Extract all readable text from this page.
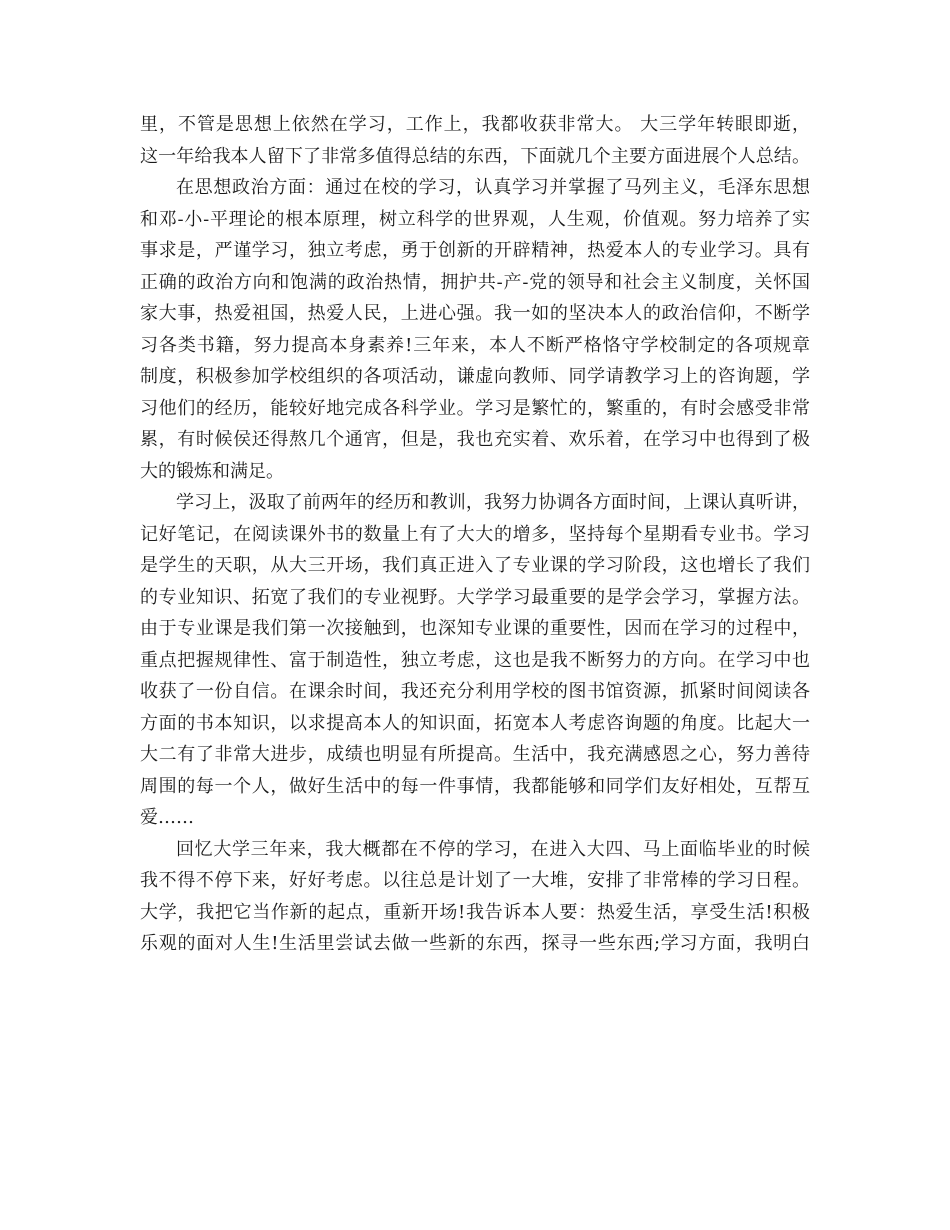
里，不管是思想上依然在学习，工作上，我都收获非常大。 大三学年转眼即逝，
这一年给我本人留下了非常多值得总结的东西，下面就几个主要方面进展个人总结。
在思想政治方面：通过在校的学习，认真学习并掌握了马列主义，毛泽东思想
和邓-小-平理论的根本原理，树立科学的世界观，人生观，价值观。努力培养了实
事求是，严谨学习，独立考虑，勇于创新的开辟精神，热爱本人的专业学习。具有
正确的政治方向和饱满的政治热情，拥护共-产-党的领导和社会主义制度，关怀国
家大事，热爱祖国，热爱人民，上进心强。我一如的坚决本人的政治信仰，不断学
习各类书籍，努力提高本身素养!三年来，本人不断严格恪守学校制定的各项规章
制度，积极参加学校组织的各项活动，谦虚向教师、同学请教学习上的咨询题，学
习他们的经历，能较好地完成各科学业。学习是繁忙的，繁重的，有时会感受非常
累，有时候侯还得熬几个通宵，但是，我也充实着、欢乐着，在学习中也得到了极
大的锻炼和满足。
学习上，汲取了前两年的经历和教训，我努力协调各方面时间，上课认真听讲，
记好笔记，在阅读课外书的数量上有了大大的增多，坚持每个星期看专业书。学习
是学生的天职，从大三开场，我们真正进入了专业课的学习阶段，这也增长了我们
的专业知识、拓宽了我们的专业视野。大学学习最重要的是学会学习，掌握方法。
由于专业课是我们第一次接触到，也深知专业课的重要性，因而在学习的过程中，
重点把握规律性、富于制造性，独立考虑，这也是我不断努力的方向。在学习中也
收获了一份自信。在课余时间，我还充分利用学校的图书馆资源，抓紧时间阅读各
方面的书本知识，以求提高本人的知识面，拓宽本人考虑咨询题的角度。比起大一
大二有了非常大进步，成绩也明显有所提高。生活中，我充满感恩之心，努力善待
周围的每一个人，做好生活中的每一件事情，我都能够和同学们友好相处，互帮互
爱……
回忆大学三年来，我大概都在不停的学习，在进入大四、马上面临毕业的时候
我不得不停下来，好好考虑。以往总是计划了一大堆，安排了非常棒的学习日程。
大学，我把它当作新的起点，重新开场!我告诉本人要：热爱生活，享受生活!积极
乐观的面对人生!生活里尝试去做一些新的东西，探寻一些东西;学习方面，我明白
